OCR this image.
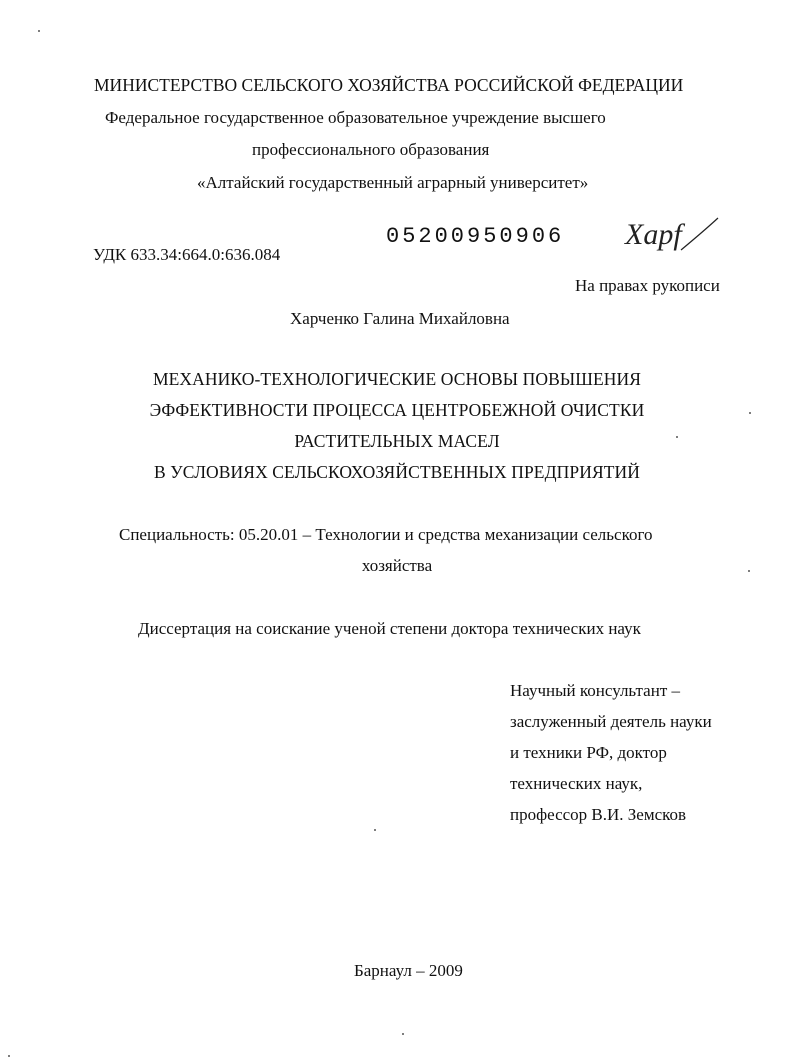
МИНИСТЕРСТВО СЕЛЬСКОГО ХОЗЯЙСТВА РОССИЙСКОЙ ФЕДЕРАЦИИ
Федеральное государственное образовательное учреждение высшего
профессионального образования
«Алтайский государственный аграрный университет»
УДК 633.34:664.0:636.084
05200950906 Харf
На правах рукописи
Харченко Галина Михайловна
МЕХАНИКО-ТЕХНОЛОГИЧЕСКИЕ ОСНОВЫ ПОВЫШЕНИЯ
ЭФФЕКТИВНОСТИ ПРОЦЕССА ЦЕНТРОБЕЖНОЙ ОЧИСТКИ
РАСТИТЕЛЬНЫХ МАСЕЛ
В УСЛОВИЯХ СЕЛЬСКОХОЗЯЙСТВЕННЫХ ПРЕДПРИЯТИЙ
Специальность: 05.20.01 – Технологии и средства механизации сельского
хозяйства
Диссертация на соискание ученой степени доктора технических наук
Научный консультант –
заслуженный деятель науки
и техники РФ, доктор
технических наук,
профессор В.И. Земсков
Барнаул – 2009
